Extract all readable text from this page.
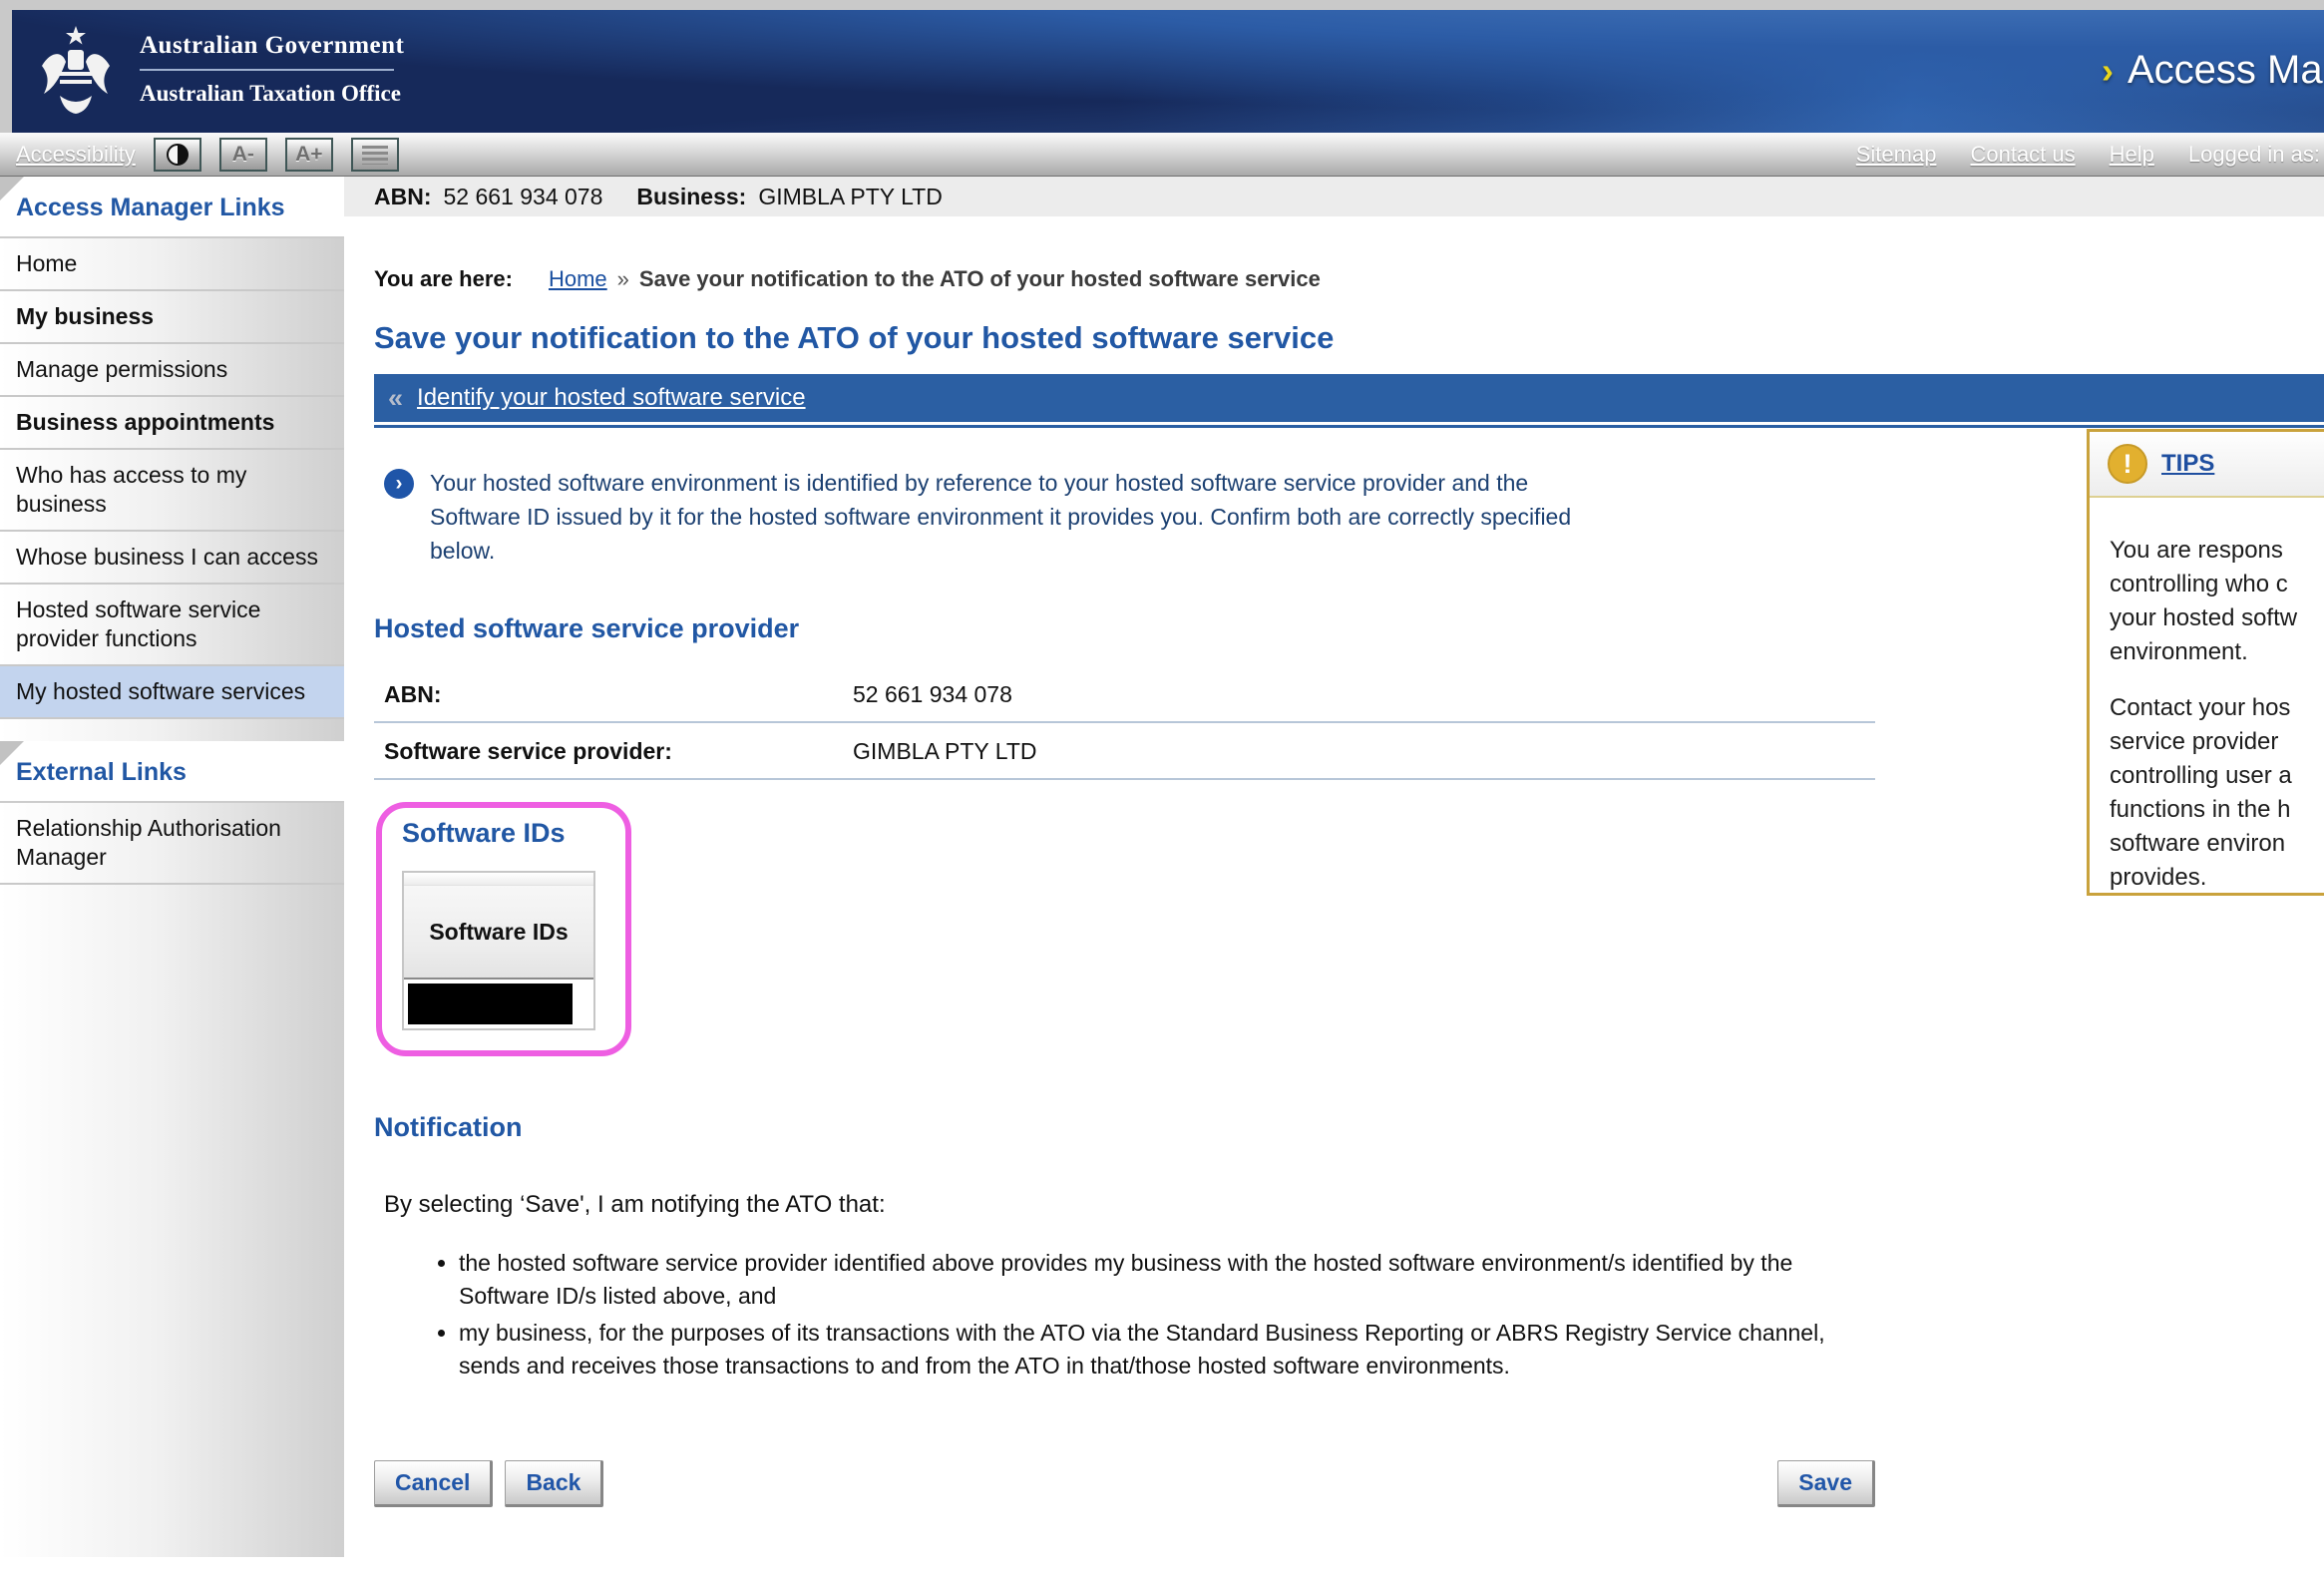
Australian Government
Australian Taxation Office
› Access Ma
Accessibility	A- A+	Sitemap Contact us Help Logged in as:
Access Manager Links
Home
My business
Manage permissions
Business appointments
Who has access to my business
Whose business I can access
Hosted software service provider functions
My hosted software services
External Links
Relationship Authorisation Manager
ABN: 52 661 934 078 Business: GIMBLA PTY LTD
You are here: Home » Save your notification to the ATO of your hosted software service
Save your notification to the ATO of your hosted software service
« Identify your hosted software service
›	Your hosted software environment is identified by reference to your hosted software service provider and the
Software ID issued by it for the hosted software environment it provides you. Confirm both are correctly specified
below.
Hosted software service provider
ABN:	52 661 934 078
Software service provider:	GIMBLA PTY LTD
Software IDs
Software IDs
Notification
By selecting ‘Save', I am notifying the ATO that:
• the hosted software service provider identified above provides my business with the hosted software environment/s identified by the Software ID/s listed above, and
• my business, for the purposes of its transactions with the ATO via the Standard Business Reporting or ABRS Registry Service channel, sends and receives those transactions to and from the ATO in that/those hosted software environments.
Cancel	Back	Save
!	TIPS
You are respons
controlling who c
your hosted softw
environment.
Contact your hos
service provider
controlling user a
functions in the h
software environ
provides.
